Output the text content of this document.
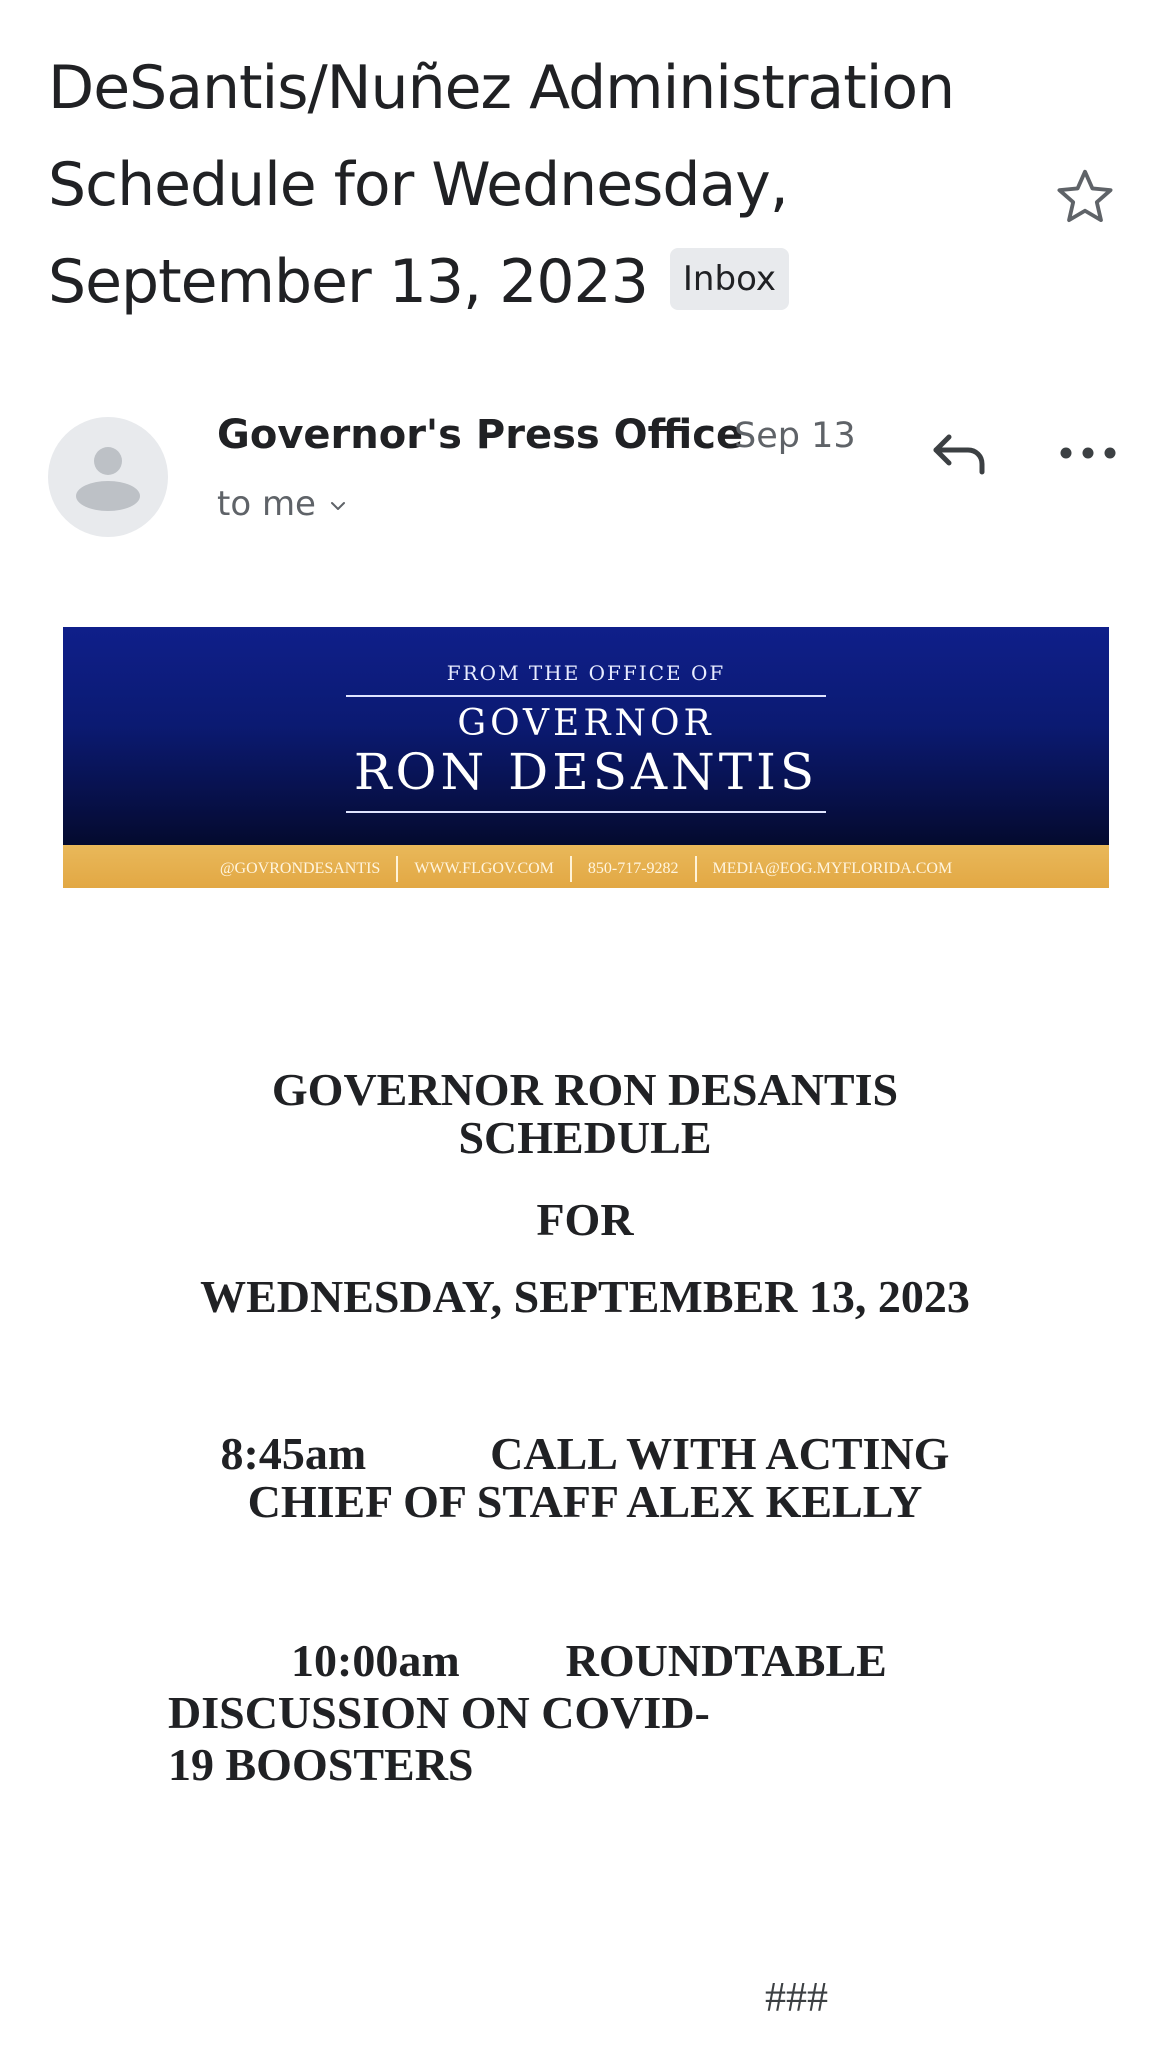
DeSantis/Nuñez Administration
Schedule for Wednesday,
September 13, 2023 Inbox
Governor's Press Office
Sep 13
to me
FROM THE OFFICE OF
GOVERNOR
RON DESANTIS
@GOVRONDESANTIS WWW.FLGOV.COM 850-717-9282 MEDIA@EOG.MYFLORIDA.COM
GOVERNOR RON DESANTIS
SCHEDULE
FOR
WEDNESDAY, SEPTEMBER 13, 2023
8:45am	CALL WITH ACTING
CHIEF OF STAFF ALEX KELLY
10:00am ROUNDTABLE
DISCUSSION ON COVID-
19 BOOSTERS
###
